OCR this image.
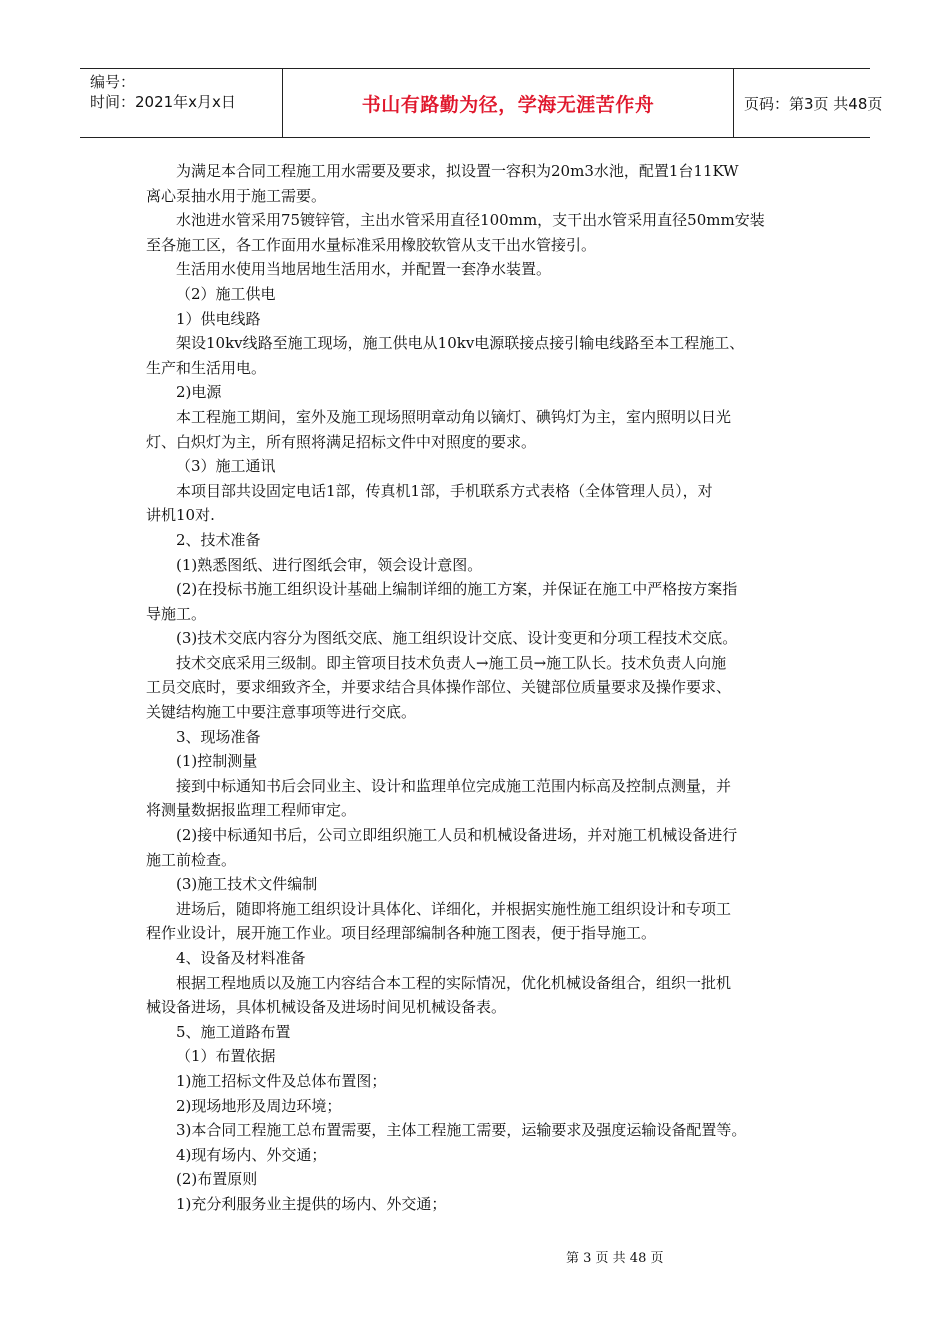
编号：
时间：2021年x月x日	书山有路勤为径，学海无涯苦作舟	页码：第3页 共48页

为满足本合同工程施工用水需要及要求，拟设置一容积为20m3水池，配置1台11KW

离心泵抽水用于施工需要。

水池进水管采用75镀锌管，主出水管采用直径100mm，支干出水管采用直径50mm安装

至各施工区，各工作面用水量标准采用橡胶软管从支干出水管接引。

生活用水使用当地居地生活用水，并配置一套净水装置。

（2）施工供电

1）供电线路

架设10kv线路至施工现场，施工供电从10kv电源联接点接引输电线路至本工程施工、

生产和生活用电。

2)电源

本工程施工期间，室外及施工现场照明章动角以镝灯、碘钨灯为主，室内照明以日光

灯、白炽灯为主，所有照将满足招标文件中对照度的要求。

（3）施工通讯

本项目部共设固定电话1部，传真机1部，手机联系方式表格（全体管理人员），对

讲机10对.

2、技术准备

(1)熟悉图纸、进行图纸会审，领会设计意图。

(2)在投标书施工组织设计基础上编制详细的施工方案，并保证在施工中严格按方案指

导施工。

(3)技术交底内容分为图纸交底、施工组织设计交底、设计变更和分项工程技术交底。

技术交底采用三级制。即主管项目技术负责人→施工员→施工队长。技术负责人向施

工员交底时，要求细致齐全，并要求结合具体操作部位、关键部位质量要求及操作要求、

关键结构施工中要注意事项等进行交底。

3、现场准备

(1)控制测量

接到中标通知书后会同业主、设计和监理单位完成施工范围内标高及控制点测量，并

将测量数据报监理工程师审定。

(2)接中标通知书后，公司立即组织施工人员和机械设备进场，并对施工机械设备进行

施工前检查。

(3)施工技术文件编制

进场后，随即将施工组织设计具体化、详细化，并根据实施性施工组织设计和专项工

程作业设计，展开施工作业。项目经理部编制各种施工图表，便于指导施工。

4、设备及材料准备

根据工程地质以及施工内容结合本工程的实际情况，优化机械设备组合，组织一批机

械设备进场，具体机械设备及进场时间见机械设备表。

5、施工道路布置

（1）布置依据

1)施工招标文件及总体布置图；

2)现场地形及周边环境；

3)本合同工程施工总布置需要，主体工程施工需要，运输要求及强度运输设备配置等。

4)现有场内、外交通；

(2)布置原则

1)充分利服务业主提供的场内、外交通；

第 3 页 共 48 页
